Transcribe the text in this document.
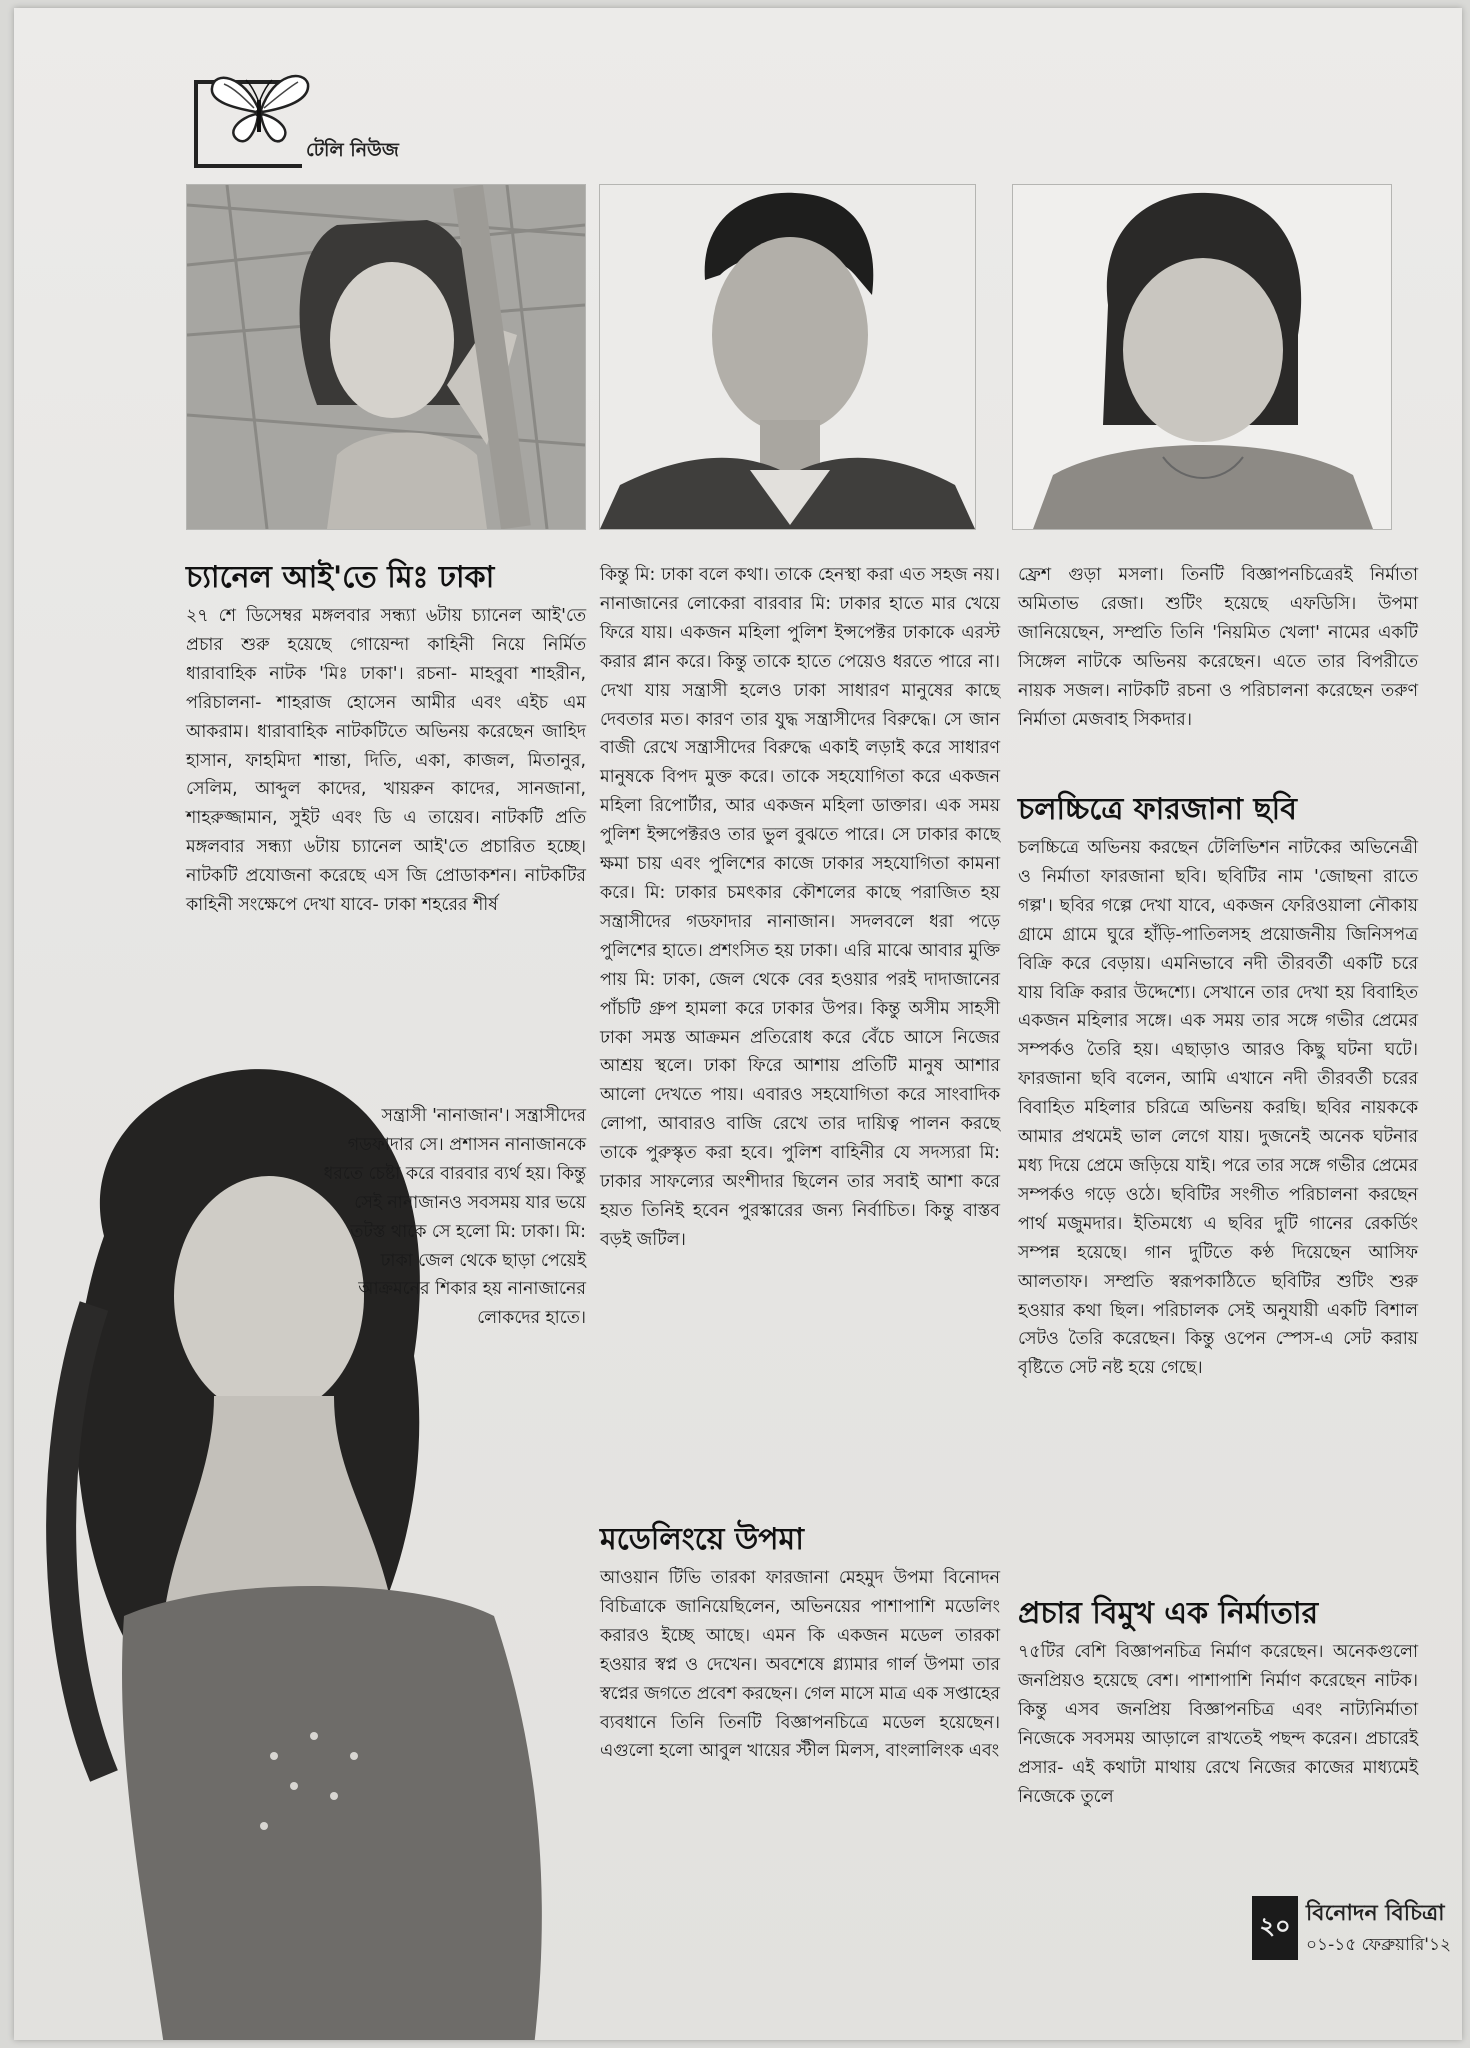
টেলি নিউজ
চ্যানেল আই'তে মিঃ ঢাকা

২৭ শে ডিসেম্বর মঙ্গলবার সন্ধ্যা ৬টায় চ্যানেল আই'তে প্রচার শুরু হয়েছে গোয়েন্দা কাহিনী নিয়ে নির্মিত ধারাবাহিক নাটক 'মিঃ ঢাকা'। রচনা- মাহবুবা শাহরীন, পরিচালনা- শাহরাজ হোসেন আমীর এবং এইচ এম আকরাম। ধারাবাহিক নাটকটিতে অভিনয় করেছেন জাহিদ হাসান, ফাহমিদা শান্তা, দিতি, একা, কাজল, মিতানুর, সেলিম, আব্দুল কাদের, খায়রুন কাদের, সানজানা, শাহরুজ্জামান, সুইট এবং ডি এ তায়েব। নাটকটি প্রতি মঙ্গলবার সন্ধ্যা ৬টায় চ্যানেল আই'তে প্রচারিত হচ্ছে। নাটকটি প্রযোজনা করেছে এস জি প্রোডাকশন। নাটকটির কাহিনী সংক্ষেপে দেখা যাবে- ঢাকা শহরের শীর্ষ

সন্ত্রাসী 'নানাজান'। সন্ত্রাসীদের গডফাদার সে। প্রশাসন নানাজানকে ধরতে চেষ্টা করে বারবার ব্যর্থ হয়। কিন্তু সেই নানাজানও সবসময় যার ভয়ে তটস্ত থাকে সে হলো মি: ঢাকা। মি: ঢাকা জেল থেকে ছাড়া পেয়েই আক্রমনের শিকার হয় নানাজানের লোকদের হাতে।

কিন্তু মি: ঢাকা বলে কথা। তাকে হেনস্থা করা এত সহজ নয়। নানাজানের লোকেরা বারবার মি: ঢাকার হাতে মার খেয়ে ফিরে যায়। একজন মহিলা পুলিশ ইন্সপেক্টর ঢাকাকে এরস্ট করার প্লান করে। কিন্তু তাকে হাতে পেয়েও ধরতে পারে না। দেখা যায় সন্ত্রাসী হলেও ঢাকা সাধারণ মানুষের কাছে দেবতার মত। কারণ তার যুদ্ধ সন্ত্রাসীদের বিরুদ্ধে। সে জান বাজী রেখে সন্ত্রাসীদের বিরুদ্ধে একাই লড়াই করে সাধারণ মানুষকে বিপদ মুক্ত করে। তাকে সহযোগিতা করে একজন মহিলা রিপোর্টার, আর একজন মহিলা ডাক্তার। এক সময় পুলিশ ইন্সপেক্টরও তার ভুল বুঝতে পারে। সে ঢাকার কাছে ক্ষমা চায় এবং পুলিশের কাজে ঢাকার সহযোগিতা কামনা করে। মি: ঢাকার চমৎকার কৌশলের কাছে পরাজিত হয় সন্ত্রাসীদের গডফাদার নানাজান। সদলবলে ধরা পড়ে পুলিশের হাতে। প্রশংসিত হয় ঢাকা। এরি মাঝে আবার মুক্তি পায় মি: ঢাকা, জেল থেকে বের হওয়ার পরই দাদাজানের পাঁচটি গ্রুপ হামলা করে ঢাকার উপর। কিন্তু অসীম সাহসী ঢাকা সমস্ত আক্রমন প্রতিরোধ করে বেঁচে আসে নিজের আশ্রয় স্থলে। ঢাকা ফিরে আশায় প্রতিটি মানুষ আশার আলো দেখতে পায়। এবারও সহযোগিতা করে সাংবাদিক লোপা, আবারও বাজি রেখে তার দায়িত্ব পালন করছে তাকে পুরুস্কৃত করা হবে। পুলিশ বাহিনীর যে সদস্যরা মি: ঢাকার সাফল্যের অংশীদার ছিলেন তার সবাই আশা করে হয়ত তিনিই হবেন পুরস্কারের জন্য নির্বাচিত। কিন্তু বাস্তব বড়ই জটিল।

মডেলিংয়ে উপমা

আওয়ান টিভি তারকা ফারজানা মেহমুদ উপমা বিনোদন বিচিত্রাকে জানিয়েছিলেন, অভিনয়ের পাশাপাশি মডেলিং করারও ইচ্ছে আছে। এমন কি একজন মডেল তারকা হওয়ার স্বপ্ন ও দেখেন। অবশেষে গ্ল্যামার গার্ল উপমা তার স্বপ্নের জগতে প্রবেশ করছেন। গেল মাসে মাত্র এক সপ্তাহের ব্যবধানে তিনি তিনটি বিজ্ঞাপনচিত্রে মডেল হয়েছেন। এগুলো হলো আবুল খায়ের স্টীল মিলস, বাংলালিংক এবং

ফ্রেশ গুড়া মসলা। তিনটি বিজ্ঞাপনচিত্রেরই নির্মাতা অমিতাভ রেজা। শুটিং হয়েছে এফডিসি। উপমা জানিয়েছেন, সম্প্রতি তিনি 'নিয়মিত খেলা' নামের একটি সিঙ্গেল নাটকে অভিনয় করেছেন। এতে তার বিপরীতে নায়ক সজল। নাটকটি রচনা ও পরিচালনা করেছেন তরুণ নির্মাতা মেজবাহ সিকদার।

চলচ্চিত্রে ফারজানা ছবি

চলচ্চিত্রে অভিনয় করছেন টেলিভিশন নাটকের অভিনেত্রী ও নির্মাতা ফারজানা ছবি। ছবিটির নাম 'জোছনা রাতে গল্প'। ছবির গল্পে দেখা যাবে, একজন ফেরিওয়ালা নৌকায় গ্রামে গ্রামে ঘুরে হাঁড়ি-পাতিলসহ প্রয়োজনীয় জিনিসপত্র বিক্রি করে বেড়ায়। এমনিভাবে নদী তীরবর্তী একটি চরে যায় বিক্রি করার উদ্দেশ্যে। সেখানে তার দেখা হয় বিবাহিত একজন মহিলার সঙ্গে। এক সময় তার সঙ্গে গভীর প্রেমের সম্পর্কও তৈরি হয়। এছাড়াও আরও কিছু ঘটনা ঘটে। ফারজানা ছবি বলেন, আমি এখানে নদী তীরবর্তী চরের বিবাহিত মহিলার চরিত্রে অভিনয় করছি। ছবির নায়ককে আমার প্রথমেই ভাল লেগে যায়। দুজনেই অনেক ঘটনার মধ্য দিয়ে প্রেমে জড়িয়ে যাই। পরে তার সঙ্গে গভীর প্রেমের সম্পর্কও গড়ে ওঠে। ছবিটির সংগীত পরিচালনা করছেন পার্থ মজুমদার। ইতিমধ্যে এ ছবির দুটি গানের রেকর্ডিং সম্পন্ন হয়েছে। গান দুটিতে কণ্ঠ দিয়েছেন আসিফ আলতাফ। সম্প্রতি স্বরূপকাঠিতে ছবিটির শুটিং শুরু হওয়ার কথা ছিল। পরিচালক সেই অনুযায়ী একটি বিশাল সেটও তৈরি করেছেন। কিন্তু ওপেন স্পেস-এ সেট করায় বৃষ্টিতে সেট নষ্ট হয়ে গেছে।

প্রচার বিমুখ এক নির্মাতার

৭৫টির বেশি বিজ্ঞাপনচিত্র নির্মাণ করেছেন। অনেকগুলো জনপ্রিয়ও হয়েছে বেশ। পাশাপাশি নির্মাণ করেছেন নাটক। কিন্তু এসব জনপ্রিয় বিজ্ঞাপনচিত্র এবং নাট্যনির্মাতা নিজেকে সবসময় আড়ালে রাখতেই পছন্দ করেন। প্রচারেই প্রসার- এই কথাটা মাথায় রেখে নিজের কাজের মাধ্যমেই নিজেকে তুলে

২০ বিনোদন বিচিত্রা
০১-১৫ ফেব্রুয়ারি'১২
